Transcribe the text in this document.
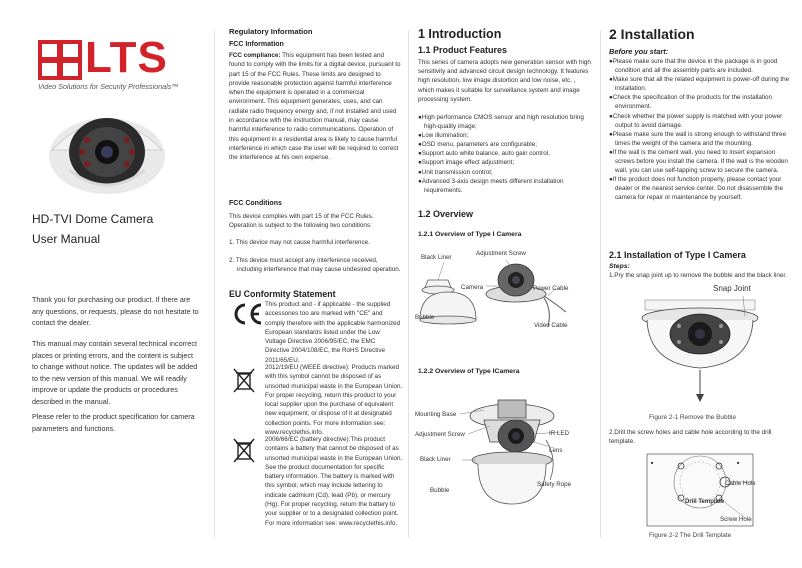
LTS
Video Solutions for Security Professionals™
HD-TVI Dome Camera
User Manual
Thank you for purchasing our product. If there are any questions, or requests, please do not hesitate to contact the dealer.
This manual may contain several technical incorrect places or printing errors, and the content is subject to change without notice. The updates will be added to the new version of this manual. We will readily improve or update the products or procedures described in the manual.
Please refer to the product specification for camera parameters and functions.
Regulatory Information
FCC Information
FCC compliance: This equipment has been tested and found to comply with the limits for a digital device, pursuant to part 15 of the FCC Rules. These limits are designed to provide reasonable protection against harmful interference when the equipment is operated in a commercial environment. This equipment generates, uses, and can radiate radio frequency energy and, if not installed and used in accordance with the instruction manual, may cause harmful interference to radio communications. Operation of this equipment in a residential area is likely to cause harmful interference in which case the user will be required to correct the interference at his own expense.
FCC Conditions
This device complies with part 15 of the FCC Rules. Operation is subject to the following two conditions:
1. This device may not cause harmful interference.
2. This device must accept any interference received, including interference that may cause undesired operation.
EU Conformity Statement
This product and - if applicable - the supplied accessories too are marked with "CE" and comply therefore with the applicable harmonized European standards listed under the Low Voltage Directive 2006/95/EC, the EMC Directive 2004/108/EC, the RoHS Directive 2011/65/EU.
2012/19/EU (WEEE directive): Products marked with this symbol cannot be disposed of as unsorted municipal waste in the European Union. For proper recycling, return this product to your local supplier upon the purchase of equivalent new equipment, or dispose of it at designated collection points. For more information see: www.recyclethis.info.
2006/66/EC (battery directive):This product contains a battery that cannot be disposed of as unsorted municipal waste in the European Union. See the product documentation for specific battery information. The battery is marked with this symbol, which may include lettering to indicate cadmium (Cd), lead (Pb), or mercury (Hg). For proper recycling, return the battery to your supplier or to a designated collection point. For more information see: www.recyclethis.info.
1 Introduction
1.1 Product Features
This series of camera adopts new generation sensor with high sensitivity and advanced circuit design technology. It features high resolution, low image distortion and low noise, etc. , which makes it suitable for surveillance system and image processing system.
●High performance CMOS sensor and high resolution bring high-quality image;
●Low illumination;
●OSD menu, parameters are configurable;
●Support auto white balance, auto gain control,
●Support image effect adjustment;
●Unit transmission control;
●Advanced 3-axis design meets different installation requirements.
1.2 Overview
1.2.1 Overview of Type I Camera
Black Liner
Adjustment Screw
Camera	Power Cable
Bubble
Video Cable
1.2.2 Overview of Type ICamera
Mounting Base
Adjustment Screw	IR LED
Lens
Black Liner
Bubble
Safety Rope
2 Installation
Before you start:
●Please make sure that the device in the package is in good condition and all the assembly parts are included.
●Make sure that all the related equipment is power-off during the installation.
●Check the specification of the products for the installation environment.
●Check whether the power supply is matched with your power output to avoid damage.
●Please make sure the wall is strong enough to withstand three times the weight of the camera and the mounting.
●If the wall is the cement wall, you need to insert expansion screws before you install the camera. If the wall is the wooden wall, you can use self-tapping screw to secure the camera.
●If the product does not function properly, please contact your dealer or the nearest service center. Do not disassemble the camera for repair or maintenance by yourself.
2.1 Installation of Type I Camera
Steps:
1.Pry the snap joint up to remove the bubble and the black liner.
Snap Joint
Figure 2-1 Remove the Bubble
2.Drill the screw holes and cable hole according to the drill template.
■	■
Drill Template
Cable Hole
Screw Hole
Figure 2-2 The Drill Template
